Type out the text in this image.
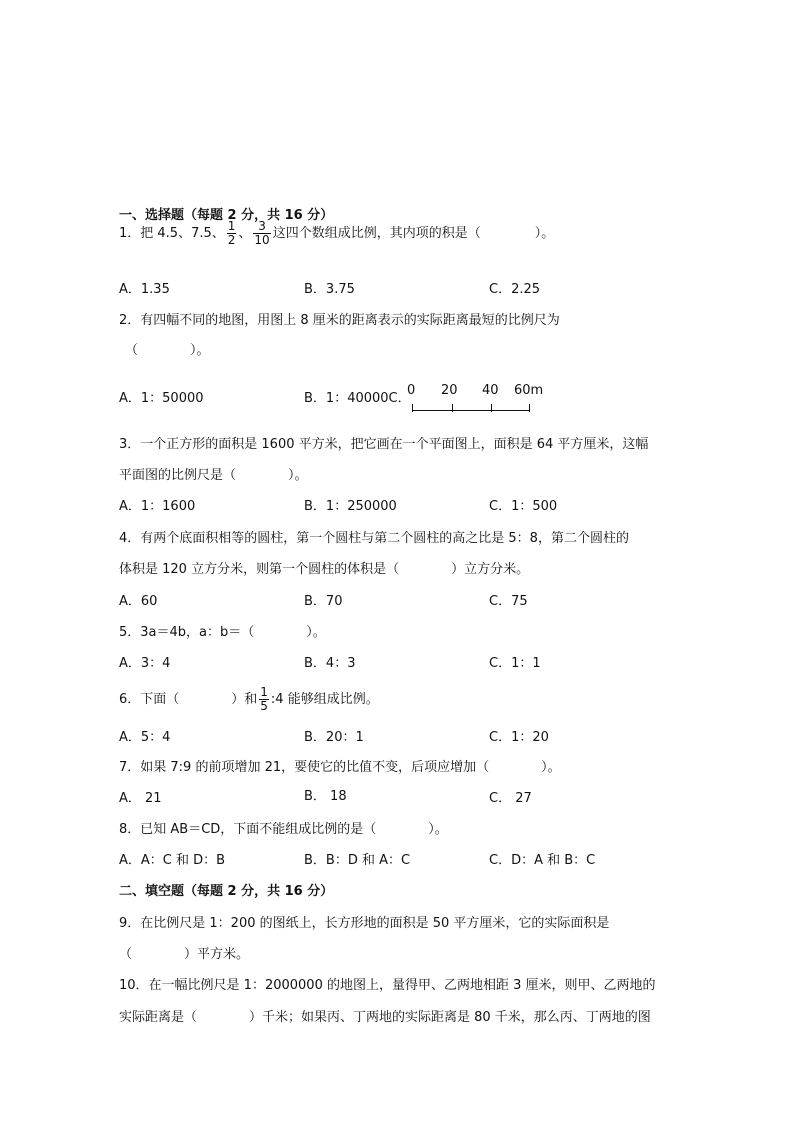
一、选择题（每题 2 分，共 16 分）
1．把 4.5、7.5、 $\frac{1}{2}$ 、 $\frac{3}{10}$ 这四个数组成比例，其内项的积是（	）。
A．1.35	B．3.75	C．2.25
2．有四幅不同的地图，用图上 8 厘米的距离表示的实际距离最短的比例尺为
（　　　　）。
A．1：50000	B．1：40000C．
0 20 40 60m
3．一个正方形的面积是 1600 平方米，把它画在一个平面图上，面积是 64 平方厘米，这幅
平面图的比例尺是（　　　　）。
A．1：1600	B．1：250000	C．1：500
4．有两个底面积相等的圆柱，第一个圆柱与第二个圆柱的高之比是 5：8，第二个圆柱的
体积是 120 立方分米，则第一个圆柱的体积是（　　　　）立方分米。
A．60	B．70	C．75
5．3a＝4b，a：b＝（　　　　）。
A．3：4	B．4：3	C．1：1
6．下面（　　　　）和 $\frac{1}{5}$ :4 能够组成比例。
A．5：4	B．20：1	C．1：20
7．如果 7:9 的前项增加 21，要使它的比值不变，后项应增加（　　　　）。
A． 21	B． 18	C． 27
8．已知 AB＝CD，下面不能组成比例的是（　　　　）。
A．A：C 和 D：B	B．B：D 和 A：C	C．D：A 和 B：C
二、填空题（每题 2 分，共 16 分）
9．在比例尺是 1：200 的图纸上，长方形地的面积是 50 平方厘米，它的实际面积是
（　　　　）平方米。
10．在一幅比例尺是 1：2000000 的地图上，量得甲、乙两地相距 3 厘米，则甲、乙两地的
实际距离是（　　　　）千米；如果丙、丁两地的实际距离是 80 千米，那么丙、丁两地的图
